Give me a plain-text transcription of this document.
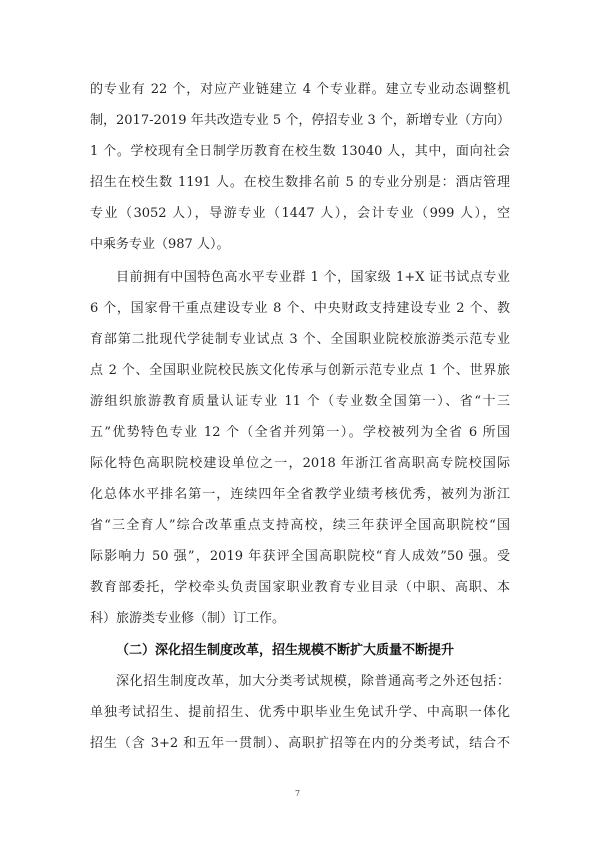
的专业有 22 个，对应产业链建立 4 个专业群。建立专业动态调整机
制，2017-2019 年共改造专业 5 个，停招专业 3 个，新增专业（方向）
1 个。学校现有全日制学历教育在校生数 13040 人，其中，面向社会
招生在校生数 1191 人。在校生数排名前 5 的专业分别是：酒店管理
专业（3052 人），导游专业（1447 人），会计专业（999 人），空
中乘务专业（987 人）。
目前拥有中国特色高水平专业群 1 个，国家级 1+X 证书试点专业
6 个，国家骨干重点建设专业 8 个、中央财政支持建设专业 2 个、教
育部第二批现代学徒制专业试点 3 个、全国职业院校旅游类示范专业
点 2 个、全国职业院校民族文化传承与创新示范专业点 1 个、世界旅
游组织旅游教育质量认证专业 11 个（专业数全国第一）、省“十三
五”优势特色专业 12 个（全省并列第一）。学校被列为全省 6 所国
际化特色高职院校建设单位之一，2018 年浙江省高职高专院校国际
化总体水平排名第一，连续四年全省教学业绩考核优秀，被列为浙江
省“三全育人”综合改革重点支持高校，续三年获评全国高职院校“国
际影响力 50 强”，2019 年获评全国高职院校“育人成效”50 强。受
教育部委托，学校牵头负责国家职业教育专业目录（中职、高职、本
科）旅游类专业修（制）订工作。
（二）深化招生制度改革，招生规模不断扩大质量不断提升
深化招生制度改革，加大分类考试规模，除普通高考之外还包括：
单独考试招生、提前招生、优秀中职毕业生免试升学、中高职一体化
招生（含 3+2 和五年一贯制）、高职扩招等在内的分类考试，结合不
7
